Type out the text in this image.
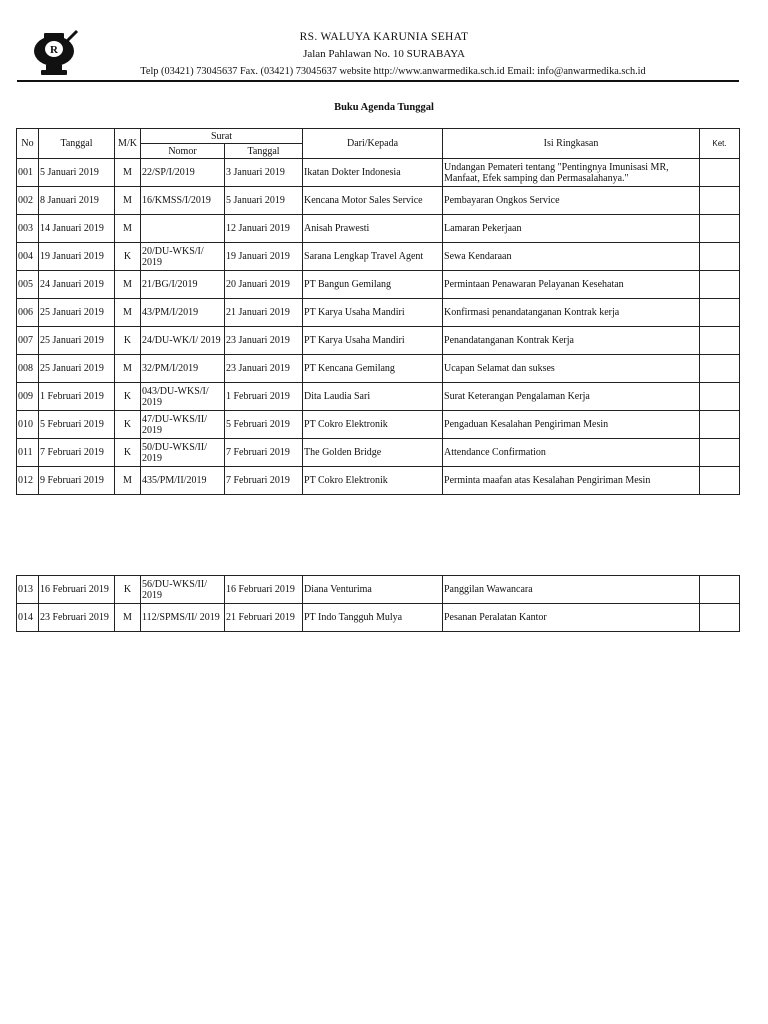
R
RS. WALUYA KARUNIA SEHAT
Jalan Pahlawan No. 10 SURABAYA
Telp (03421) 73045637 Fax. (03421) 73045637 website http://www.anwarmedika.sch.id Email: info@anwarmedika.sch.id
Buku Agenda Tunggal
No	Tanggal	M/K	Surat		Dari/Kepada	Isi Ringkasan	Ket.
			Nomor	Tanggal			
001	5 Januari 2019	M	22/SP/I/2019	3 Januari 2019	Ikatan Dokter Indonesia	Undangan Pemateri tentang "Pentingnya Imunisasi MR, Manfaat, Efek samping dan Permasalahanya."	
002	8 Januari 2019	M	16/KMSS/I/2019	5 Januari 2019	Kencana Motor Sales Service	Pembayaran Ongkos Service	
003	14 Januari 2019	M		12 Januari 2019	Anisah Prawesti	Lamaran Pekerjaan	
004	19 Januari 2019	K	20/DU-WKS/I/ 2019	19 Januari 2019	Sarana Lengkap Travel Agent	Sewa Kendaraan	
005	24 Januari 2019	M	21/BG/I/2019	20 Januari 2019	PT Bangun Gemilang	Permintaan Penawaran Pelayanan Kesehatan	
006	25 Januari 2019	M	43/PM/I/2019	21 Januari 2019	PT Karya Usaha Mandiri	Konfirmasi penandatanganan Kontrak kerja	
007	25 Januari 2019	K	24/DU-WK/I/ 2019	23 Januari 2019	PT Karya Usaha Mandiri	Penandatanganan Kontrak Kerja	
008	25 Januari 2019	M	32/PM/I/2019	23 Januari 2019	PT Kencana Gemilang	Ucapan Selamat dan sukses	
009	1 Februari 2019	K	043/DU-WKS/I/ 2019	1 Februari 2019	Dita Laudia Sari	Surat Keterangan Pengalaman Kerja	
010	5 Februari 2019	K	47/DU-WKS/II/ 2019	5 Februari 2019	PT Cokro Elektronik	Pengaduan Kesalahan Pengiriman Mesin	
011	7 Februari 2019	K	50/DU-WKS/II/ 2019	7 Februari 2019	The Golden Bridge	Attendance Confirmation	
012	9 Februari 2019	M	435/PM/II/2019	7 Februari 2019	PT Cokro Elektronik	Perminta maafan atas Kesalahan Pengiriman Mesin	
013	16 Februari 2019	K	56/DU-WKS/II/ 2019	16 Februari 2019	Diana Venturima	Panggilan Wawancara	
014	23 Februari 2019	M	112/SPMS/II/ 2019	21 Februari 2019	PT Indo Tangguh Mulya	Pesanan Peralatan Kantor	
